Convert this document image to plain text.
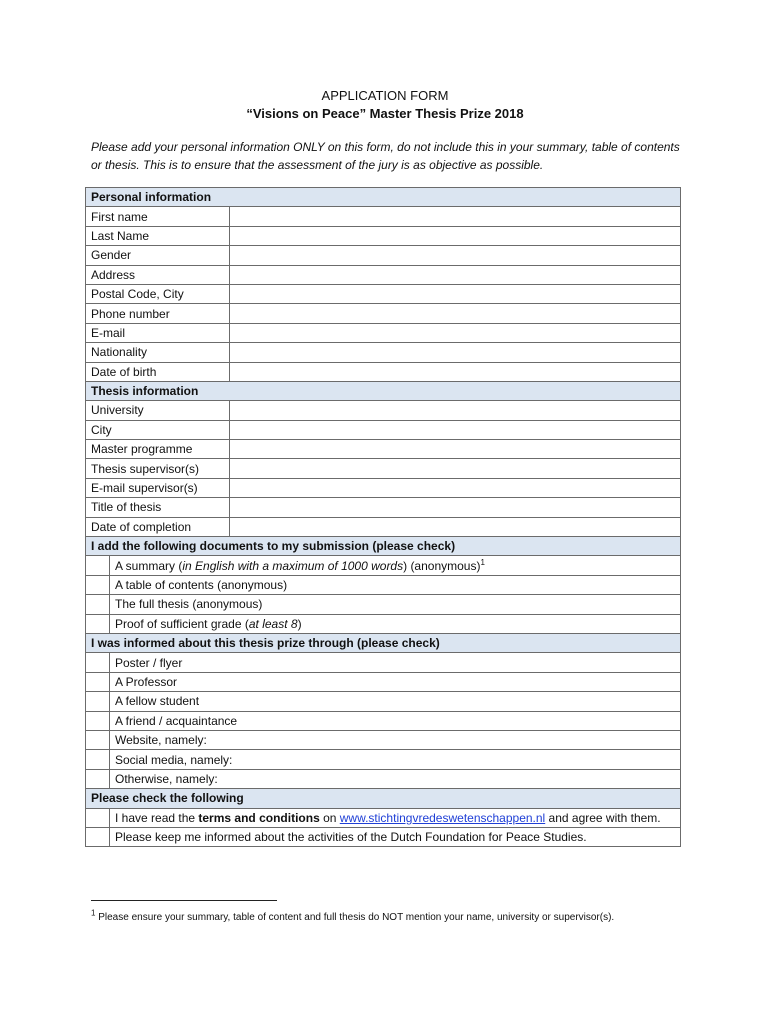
APPLICATION FORM
“Visions on Peace” Master Thesis Prize 2018
Please add your personal information ONLY on this form, do not include this in your summary, table of contents or thesis. This is to ensure that the assessment of the jury is as objective as possible.
Personal information		
First name		
Last Name		
Gender		
Address		
Postal Code, City		
Phone number		
E-mail		
Nationality		
Date of birth		
Thesis information		
University		
City		
Master programme		
Thesis supervisor(s)		
E-mail supervisor(s)		
Title of thesis		
Date of completion		
I add the following documents to my submission (please check)		
	A summary (in English with a maximum of 1000 words) (anonymous)$^1$
	A table of contents (anonymous)	
	The full thesis (anonymous)	
	Proof of sufficient grade (at least 8)	
I was informed about this thesis prize through (please check)		
	Poster / flyer	
	A Professor	
	A fellow student	
	A friend / acquaintance	
	Website, namely:	
	Social media, namely:	
	Otherwise, namely:	
Please check the following		
	I have read the terms and conditions on www.stichtingvredeswetenschappen.nl and agree with them.	
	Please keep me informed about the activities of the Dutch Foundation for Peace Studies.	
$^1$ Please ensure your summary, table of content and full thesis do NOT mention your name, university or supervisor(s).
